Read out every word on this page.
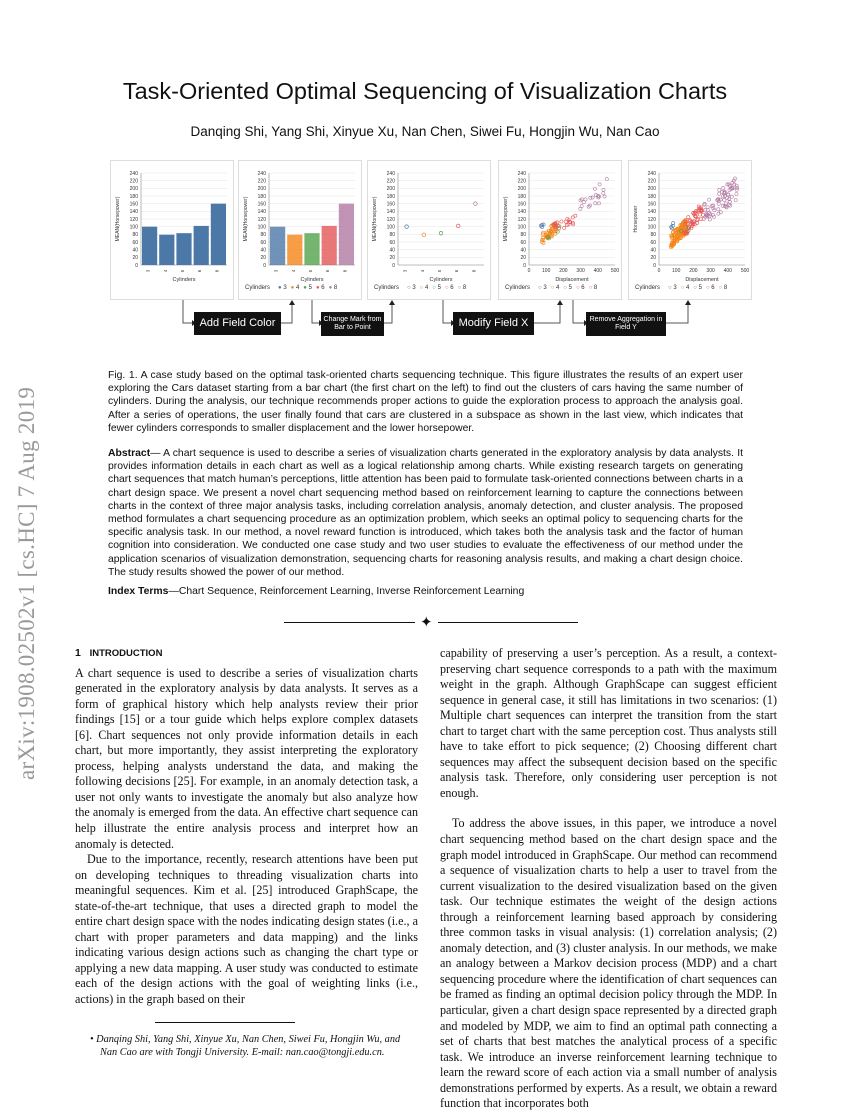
arXiv:1908.02502v1 [cs.HC] 7 Aug 2019
Task-Oriented Optimal Sequencing of Visualization Charts
Danqing Shi, Yang Shi, Xinyue Xu, Nan Chen, Siwei Fu, Hongjin Wu, Nan Cao
0
20
40
60
80
100
120
140
160
180
200
220
240
MEAN(Horsepower)
Cylinders
3	4	5	6	8
0
20
40
60
80
100
120
140
160
180
200
220
240
MEAN(Horsepower)
Cylinders
3	4	5	6	8
Cylinders ● 3 ● 4 ● 5 ● 6 ● 8
0
20
40
60
80
100
120
140
160
180
200
220
240
MEAN(Horsepower)
Cylinders
3	4	5	6	8
Cylinders ○ 3 ○ 4 ○ 5 ○ 6 ○ 8
0
20
40
60
80
100
120
140
160
180
200
220
240
MEAN(Horsepower)
Displacement
0 100 200 300 400 500
Cylinders ○ 3 ○ 4 ○ 5 ○ 6 ○ 8
0
20
40
60
80
100
120
140
160
180
200
220
240
Horsepower
Displacement
0 100 200 300 400 500
Cylinders ○ 3 ○ 4 ○ 5 ○ 6 ○ 8
Add Field Color	Change Mark from Bar to Point	Modify Field X	Remove Aggregation in Field Y
Fig. 1. A case study based on the optimal task-oriented charts sequencing technique. This figure illustrates the results of an expert user exploring the Cars dataset starting from a bar chart (the first chart on the left) to find out the clusters of cars having the same number of cylinders. During the analysis, our technique recommends proper actions to guide the exploration process to approach the analysis goal. After a series of operations, the user finally found that cars are clustered in a subspace as shown in the last view, which indicates that fewer cylinders corresponds to smaller displacement and the lower horsepower.
Abstract— A chart sequence is used to describe a series of visualization charts generated in the exploratory analysis by data analysts. It provides information details in each chart as well as a logical relationship among charts. While existing research targets on generating chart sequences that match human’s perceptions, little attention has been paid to formulate task-oriented connections between charts in a chart design space. We present a novel chart sequencing method based on reinforcement learning to capture the connections between charts in the context of three major analysis tasks, including correlation analysis, anomaly detection, and cluster analysis. The proposed method formulates a chart sequencing procedure as an optimization problem, which seeks an optimal policy to sequencing charts for the specific analysis task. In our method, a novel reward function is introduced, which takes both the analysis task and the factor of human cognition into consideration. We conducted one case study and two user studies to evaluate the effectiveness of our method under the application scenarios of visualization demonstration, sequencing charts for reasoning analysis results, and making a chart design choice. The study results showed the power of our method.
Index Terms—Chart Sequence, Reinforcement Learning, Inverse Reinforcement Learning
✦
1 INTRODUCTION

A chart sequence is used to describe a series of visualization charts generated in the exploratory analysis by data analysts. It serves as a form of graphical history which help analysts review their prior findings [15] or a tour guide which helps explore complex datasets [6]. Chart sequences not only provide information details in each chart, but more importantly, they assist interpreting the exploratory process, helping analysts understand the data, and making the following decisions [25]. For example, in an anomaly detection task, a user not only wants to investigate the anomaly but also analyze how the anomaly is emerged from the data. An effective chart sequence can help illustrate the entire analysis process and interpret how an anomaly is detected.

Due to the importance, recently, research attentions have been put on developing techniques to threading visualization charts into meaningful sequences. Kim et al. [25] introduced GraphScape, the state-of-the-art technique, that uses a directed graph to model the entire chart design space with the nodes indicating design states (i.e., a chart with proper parameters and data mapping) and the links indicating various design actions such as changing the chart type or applying a new data mapping. A user study was conducted to estimate each of the design actions with the goal of weighting links (i.e., actions) in the graph based on their

• Danqing Shi, Yang Shi, Xinyue Xu, Nan Chen, Siwei Fu, Hongjin Wu, and Nan Cao are with Tongji University. E-mail: nan.cao@tongji.edu.cn.

capability of preserving a user’s perception. As a result, a context-preserving chart sequence corresponds to a path with the maximum weight in the graph. Although GraphScape can suggest efficient sequence in general case, it still has limitations in two scenarios: (1) Multiple chart sequences can interpret the transition from the start chart to target chart with the same perception cost. Thus analysts still have to take effort to pick sequence; (2) Choosing different chart sequences may affect the subsequent decision based on the specific analysis task. Therefore, only considering user perception is not enough.

To address the above issues, in this paper, we introduce a novel chart sequencing method based on the chart design space and the graph model introduced in GraphScape. Our method can recommend a sequence of visualization charts to help a user to travel from the current visualization to the desired visualization based on the given task. Our technique estimates the weight of the design actions through a reinforcement learning based approach by considering three common tasks in visual analysis: (1) correlation analysis; (2) anomaly detection, and (3) cluster analysis. In our methods, we make an analogy between a Markov decision process (MDP) and a chart sequencing procedure where the identification of chart sequences can be framed as finding an optimal decision policy through the MDP. In particular, given a chart design space represented by a directed graph and modeled by MDP, we aim to find an optimal path connecting a set of charts that best matches the analytical process of a specific task. We introduce an inverse reinforcement learning technique to learn the reward score of each action via a small number of analysis demonstrations performed by experts. As a result, we obtain a reward function that incorporates both
